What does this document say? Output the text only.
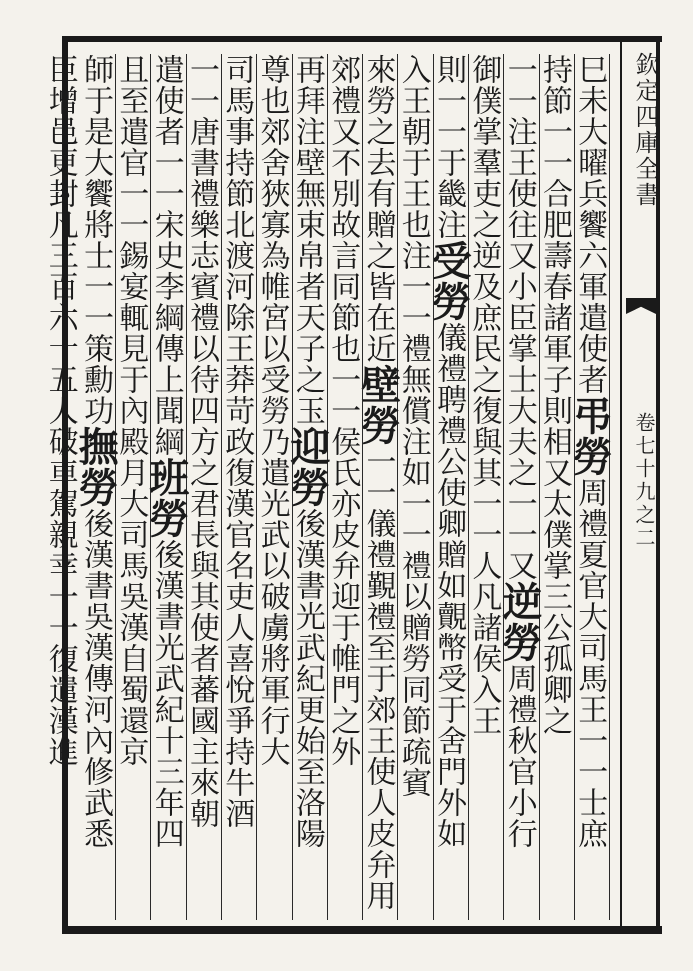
欽定四庫全書
卷七十九之二
巳未大曜兵饗六軍遣使者弔勞周禮夏官大司馬王一一士庶
持節一一合肥壽春諸軍子則相又太僕掌三公孤卿之
一一注王使往又小臣掌士大夫之一一又逆勞周禮秋官小行
御僕掌羣吏之逆及庶民之復與其一一人凡諸侯入王
則一一于畿注受勞儀禮聘禮公使卿贈如覿幣受于舍門外如
入王朝于王也注一一禮無償注如一一禮以贈勞同節疏賓
來勞之去有贈之皆在近壁勞一一儀禮覲禮至于郊王使人皮弁用
郊禮又不別故言同節也一一侯氏亦皮弁迎于帷門之外
再拜注壁無束帛者天子之玉迎勞後漢書光武紀更始至洛陽
尊也郊舍狹寡為帷宮以受勞乃遣光武以破虜將軍行大
司馬事持節北渡河除王莽苛政復漢官名吏人喜悅爭持牛酒
一一唐書禮樂志賓禮以待四方之君長與其使者蕃國主來朝
遣使者一一宋史李綱傳上聞綱班勞後漢書光武紀十三年四
且至遣官一一錫宴輒見于內殿月大司馬吳漢自蜀還京
師于是大饗將士一一策勳功撫勞後漢書吳漢傳河內修武悉
臣增邑更封凡三百六十五人破車駕親幸一一復遣漢進
